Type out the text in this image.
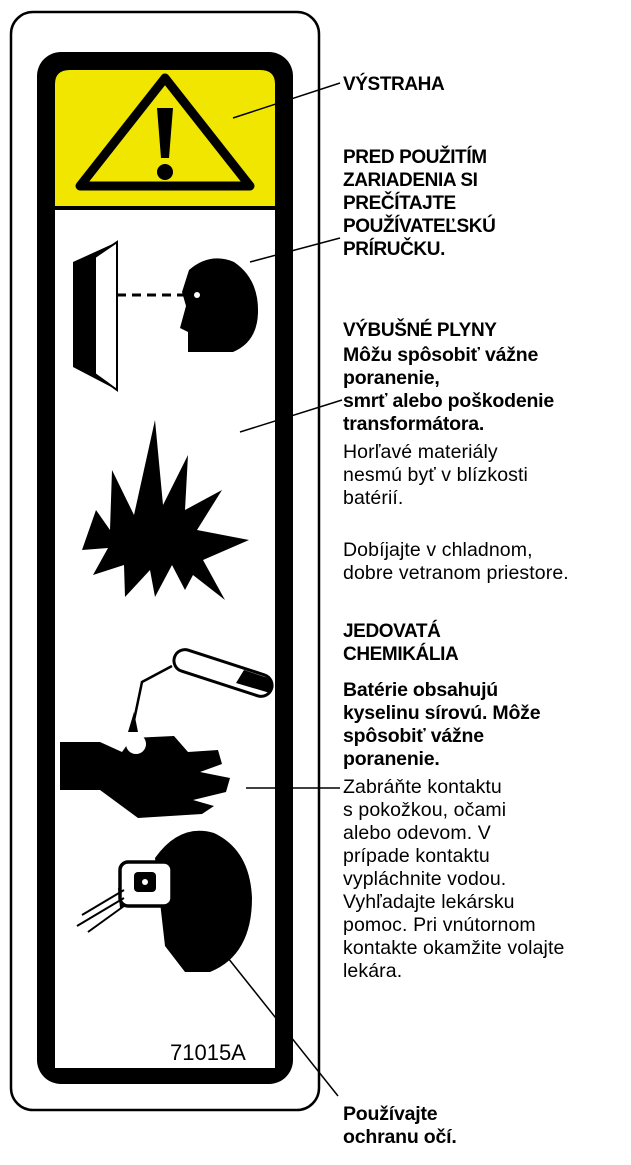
71015A

VÝSTRAHA

PRED POUŽITÍM
ZARIADENIA SI
PREČÍTAJTE
POUŽÍVATEĽSKÚ
PRÍRUČKU.

VÝBUŠNÉ PLYNY

Môžu spôsobiť vážne
poranenie,
smrť alebo poškodenie
transformátora.

Horľavé materiály
nesmú byť v blízkosti
batérií.

Dobíjajte v chladnom,
dobre vetranom priestore.

JEDOVATÁ
CHEMIKÁLIA

Batérie obsahujú
kyselinu sírovú. Môže
spôsobiť vážne
poranenie.

Zabráňte kontaktu
s pokožkou, očami
alebo odevom. V
prípade kontaktu
vypláchnite vodou.
Vyhľadajte lekársku
pomoc. Pri vnútornom
kontakte okamžite volajte
lekára.

Používajte
ochranu očí.
